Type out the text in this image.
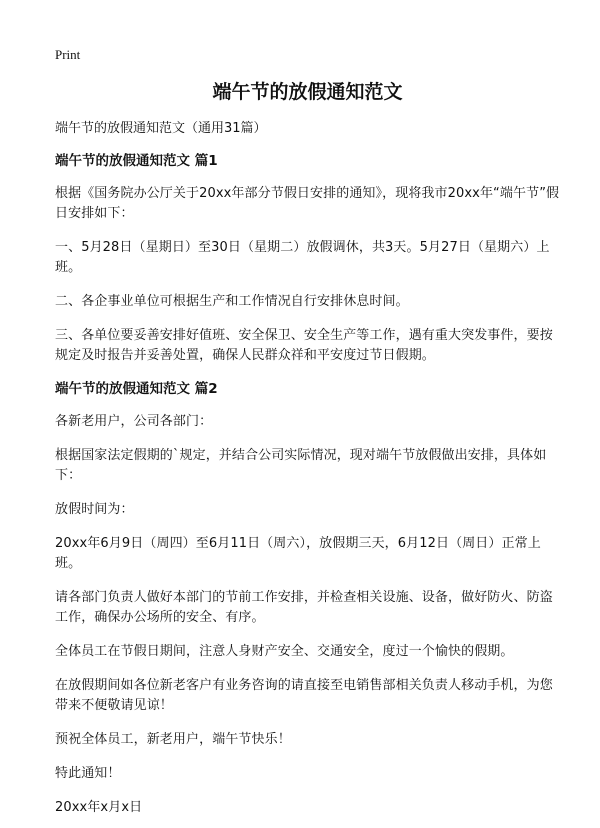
Print
端午节的放假通知范文
端午节的放假通知范文（通用31篇）
端午节的放假通知范文 篇1

根据《国务院办公厅关于20xx年部分节假日安排的通知》，现将我市20xx年“端午节”假日安排如下：

一、5月28日（星期日）至30日（星期二）放假调休，共3天。5月27日（星期六）上班。

二、各企事业单位可根据生产和工作情况自行安排休息时间。

三、各单位要妥善安排好值班、安全保卫、安全生产等工作，遇有重大突发事件，要按规定及时报告并妥善处置，确保人民群众祥和平安度过节日假期。

端午节的放假通知范文 篇2

各新老用户，公司各部门：

根据国家法定假期的`规定，并结合公司实际情况，现对端午节放假做出安排，具体如下：

放假时间为：

20xx年6月9日（周四）至6月11日（周六），放假期三天，6月12日（周日）正常上班。

请各部门负责人做好本部门的节前工作安排，并检查相关设施、设备，做好防火、防盗工作，确保办公场所的安全、有序。

全体员工在节假日期间，注意人身财产安全、交通安全，度过一个愉快的假期。

在放假期间如各位新老客户有业务咨询的请直接至电销售部相关负责人移动手机，为您带来不便敬请见谅！

预祝全体员工，新老用户，端午节快乐！

特此通知！

20xx年x月x日
